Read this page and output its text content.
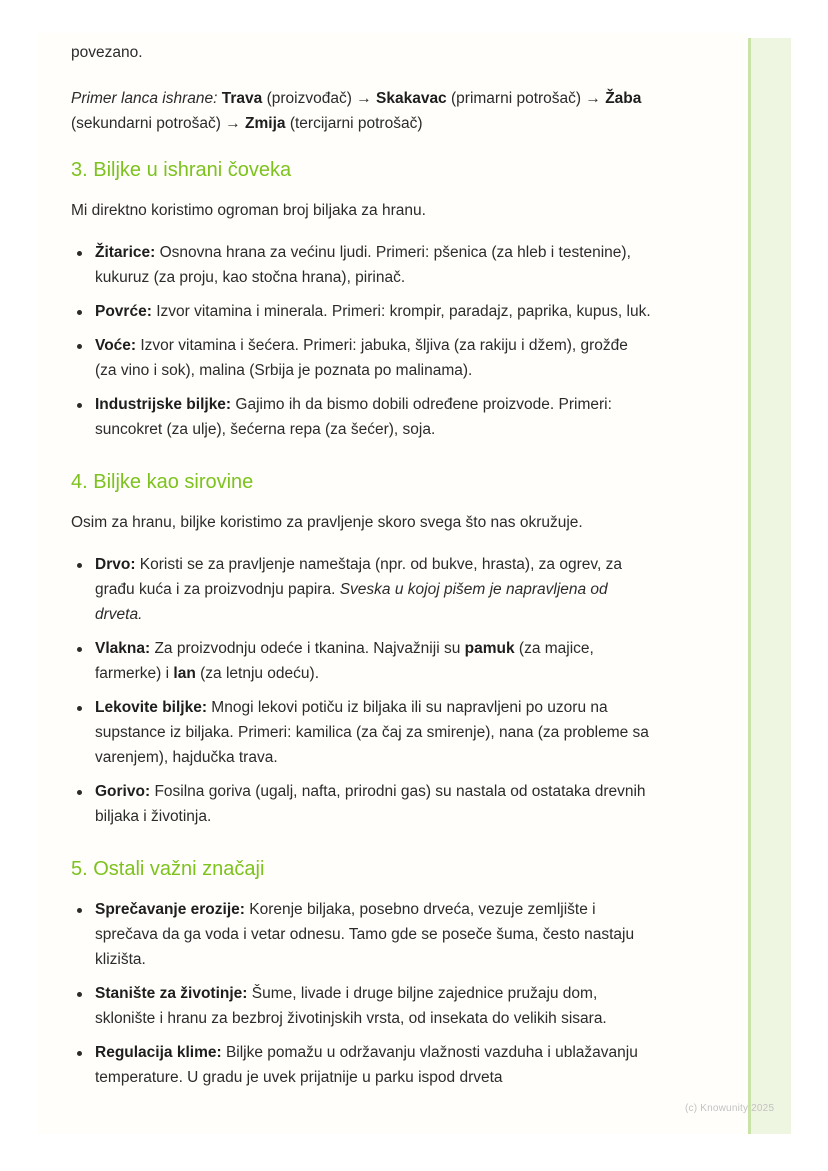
povezano.

Primer lanca ishrane: Trava (proizvođač) → Skakavac (primarni potrošač) → Žaba (sekundarni potrošač) → Zmija (tercijarni potrošač)

3. Biljke u ishrani čoveka

Mi direktno koristimo ogroman broj biljaka za hranu.

Žitarice: Osnovna hrana za većinu ljudi. Primeri: pšenica (za hleb i testenine), kukuruz (za proju, kao stočna hrana), pirinač.
Povrće: Izvor vitamina i minerala. Primeri: krompir, paradajz, paprika, kupus, luk.
Voće: Izvor vitamina i šećera. Primeri: jabuka, šljiva (za rakiju i džem), grožđe (za vino i sok), malina (Srbija je poznata po malinama).
Industrijske biljke: Gajimo ih da bismo dobili određene proizvode. Primeri: suncokret (za ulje), šećerna repa (za šećer), soja.
4. Biljke kao sirovine

Osim za hranu, biljke koristimo za pravljenje skoro svega što nas okružuje.

Drvo: Koristi se za pravljenje nameštaja (npr. od bukve, hrasta), za ogrev, za građu kuća i za proizvodnju papira. Sveska u kojoj pišem je napravljena od drveta.
Vlakna: Za proizvodnju odeće i tkanina. Najvažniji su pamuk (za majice, farmerke) i lan (za letnju odeću).
Lekovite biljke: Mnogi lekovi potiču iz biljaka ili su napravljeni po uzoru na supstance iz biljaka. Primeri: kamilica (za čaj za smirenje), nana (za probleme sa varenjem), hajdučka trava.
Gorivo: Fosilna goriva (ugalj, nafta, prirodni gas) su nastala od ostataka drevnih biljaka i životinja.
5. Ostali važni značaji
Sprečavanje erozije: Korenje biljaka, posebno drveća, vezuje zemljište i sprečava da ga voda i vetar odnesu. Tamo gde se poseče šuma, često nastaju klizišta.
Stanište za životinje: Šume, livade i druge biljne zajednice pružaju dom, sklonište i hranu za bezbroj životinjskih vrsta, od insekata do velikih sisara.
Regulacija klime: Biljke pomažu u održavanju vlažnosti vazduha i ublažavanju temperature. U gradu je uvek prijatnije u parku ispod drveta
(c) Knowunity 2025
